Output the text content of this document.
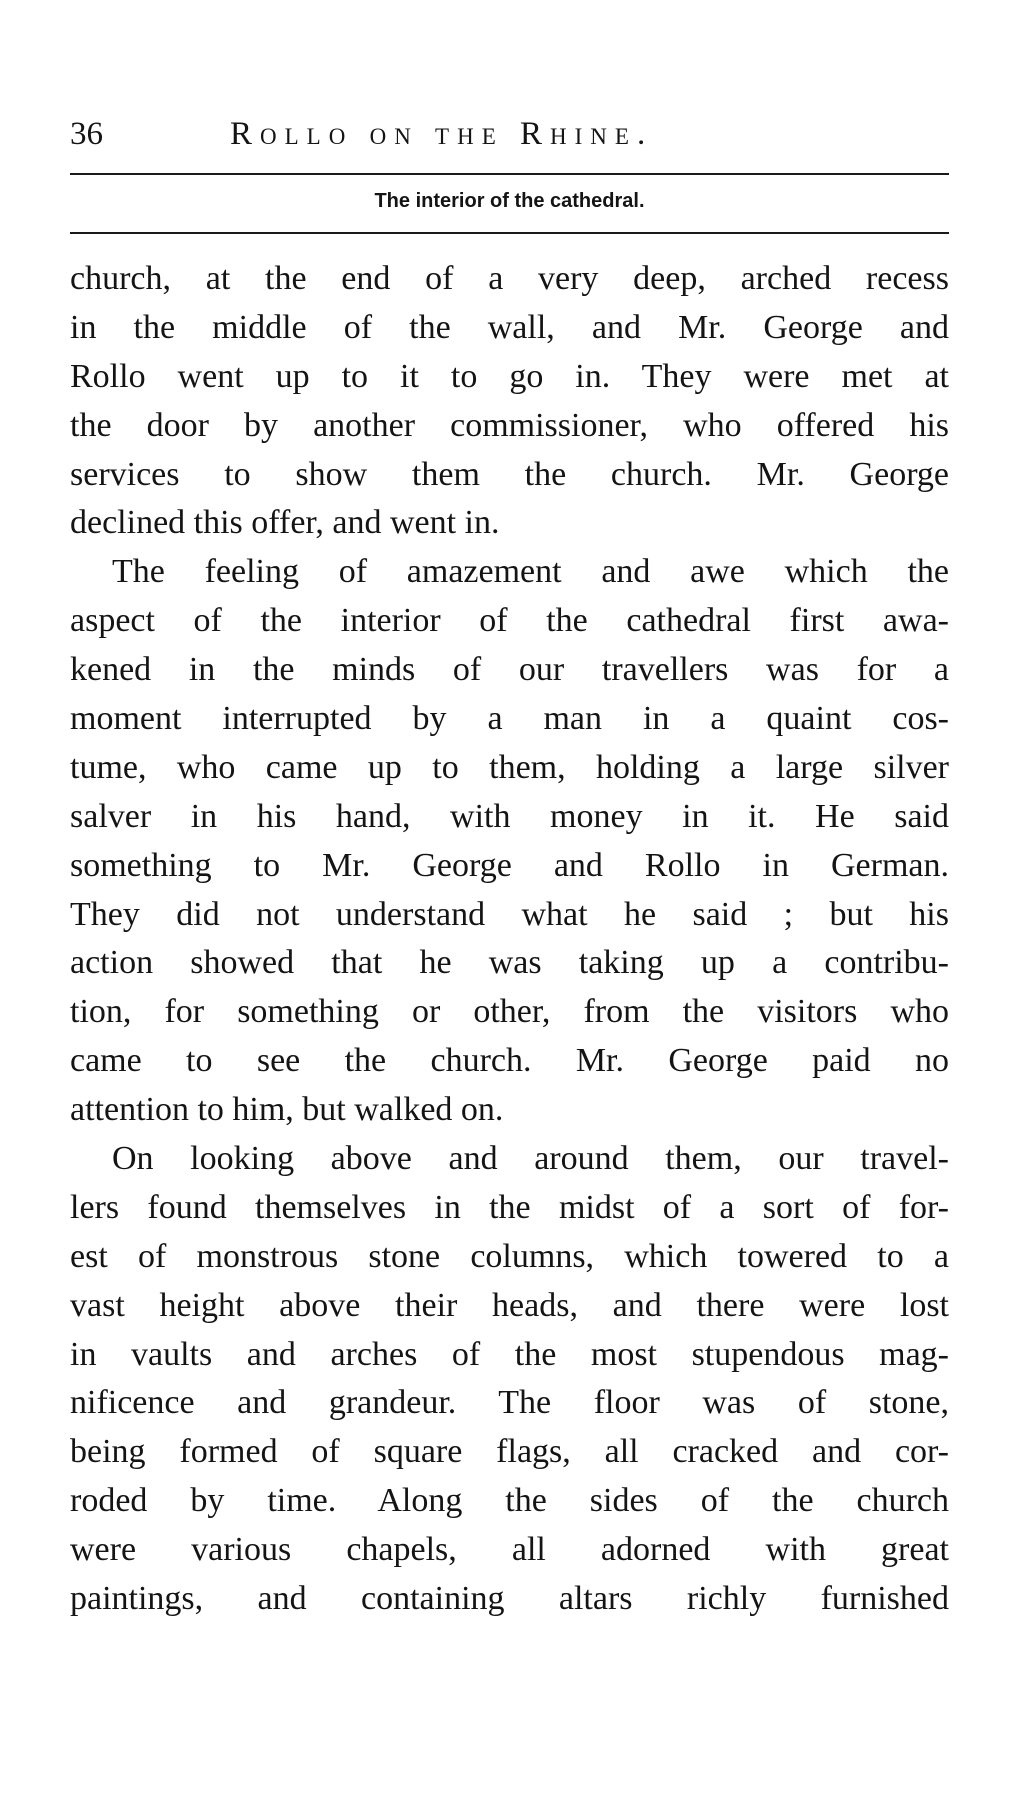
36	Rollo on the Rhine.
The interior of the cathedral.
church, at the end of a very deep, arched recess
in the middle of the wall, and Mr. George and
Rollo went up to it to go in. They were met at
the door by another commissioner, who offered his
services to show them the church. Mr. George
declined this offer, and went in.
The feeling of amazement and awe which the
aspect of the interior of the cathedral first awa-
kened in the minds of our travellers was for a
moment interrupted by a man in a quaint cos-
tume, who came up to them, holding a large silver
salver in his hand, with money in it. He said
something to Mr. George and Rollo in German.
They did not understand what he said ; but his
action showed that he was taking up a contribu-
tion, for something or other, from the visitors who
came to see the church. Mr. George paid no
attention to him, but walked on.
On looking above and around them, our travel-
lers found themselves in the midst of a sort of for-
est of monstrous stone columns, which towered to a
vast height above their heads, and there were lost
in vaults and arches of the most stupendous mag-
nificence and grandeur. The floor was of stone,
being formed of square flags, all cracked and cor-
roded by time. Along the sides of the church
were various chapels, all adorned with great
paintings, and containing altars richly furnished
